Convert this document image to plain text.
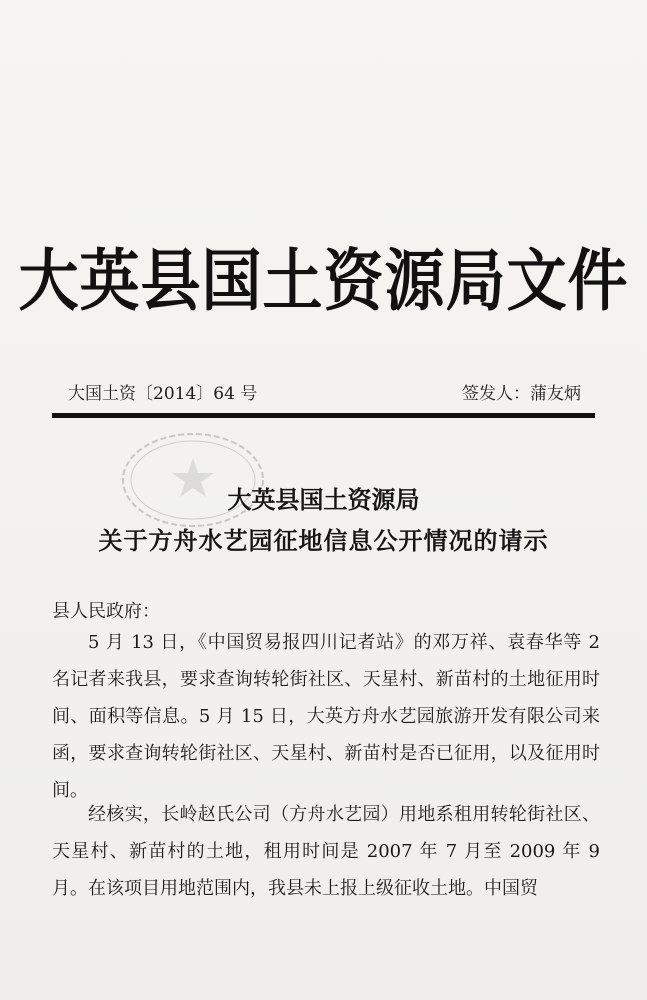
大英县国土资源局文件
大国土资〔2014〕64 号	签发人：蒲友炳
大英县国土资源局
关于方舟水艺园征地信息公开情况的请示
县人民政府：
5 月 13 日，《中国贸易报四川记者站》的邓万祥、袁春华等 2 名记者来我县，要求查询转轮街社区、天星村、新苗村的土地征用时间、面积等信息。5 月 15 日，大英方舟水艺园旅游开发有限公司来函，要求查询转轮街社区、天星村、新苗村是否已征用，以及征用时间。
经核实，长岭赵氏公司（方舟水艺园）用地系租用转轮街社区、天星村、新苗村的土地，租用时间是 2007 年 7 月至 2009 年 9 月。在该项目用地范围内，我县未上报上级征收土地。中国贸
